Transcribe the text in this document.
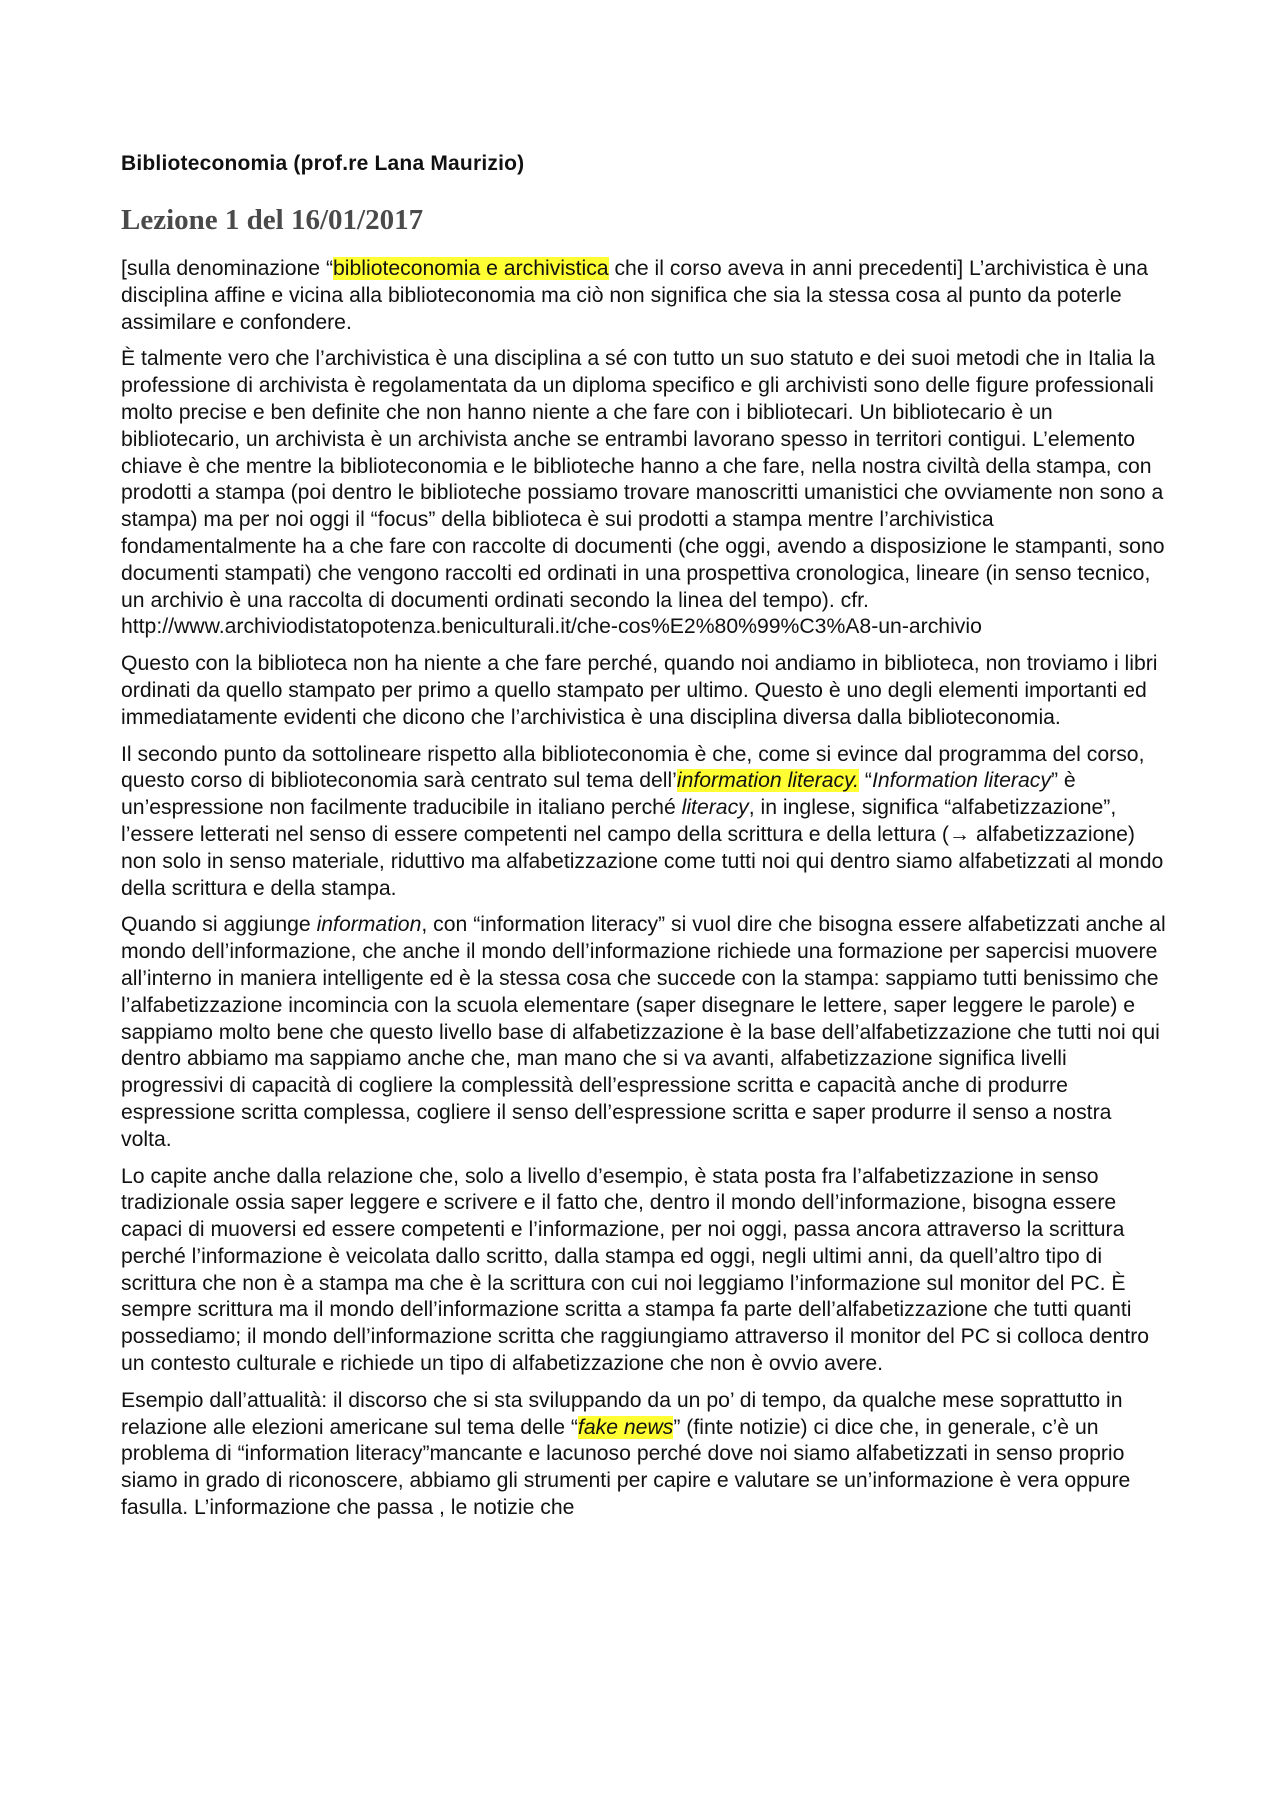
Biblioteconomia (prof.re Lana Maurizio)
Lezione 1 del 16/01/2017

[sulla denominazione “biblioteconomia e archivistica che il corso aveva in anni precedenti] L’archivistica è una disciplina affine e vicina alla biblioteconomia ma ciò non significa che sia la stessa cosa al punto da poterle assimilare e confondere.

È talmente vero che l’archivistica è una disciplina a sé con tutto un suo statuto e dei suoi metodi che in Italia la professione di archivista è regolamentata da un diploma specifico e gli archivisti sono delle figure professionali molto precise e ben definite che non hanno niente a che fare con i bibliotecari. Un bibliotecario è un bibliotecario, un archivista è un archivista anche se entrambi lavorano spesso in territori contigui. L’elemento chiave è che mentre la biblioteconomia e le biblioteche hanno a che fare, nella nostra civiltà della stampa, con prodotti a stampa (poi dentro le biblioteche possiamo trovare manoscritti umanistici che ovviamente non sono a stampa) ma per noi oggi il “focus” della biblioteca è sui prodotti a stampa mentre l’archivistica fondamentalmente ha a che fare con raccolte di documenti (che oggi, avendo a disposizione le stampanti, sono documenti stampati) che vengono raccolti ed ordinati in una prospettiva cronologica, lineare (in senso tecnico, un archivio è una raccolta di documenti ordinati secondo la linea del tempo). cfr. http://www.archiviodistatopotenza.beniculturali.it/che-cos%E2%80%99%C3%A8-un-archivio

Questo con la biblioteca non ha niente a che fare perché, quando noi andiamo in biblioteca, non troviamo i libri ordinati da quello stampato per primo a quello stampato per ultimo. Questo è uno degli elementi importanti ed immediatamente evidenti che dicono che l’archivistica è una disciplina diversa dalla biblioteconomia.

Il secondo punto da sottolineare rispetto alla biblioteconomia è che, come si evince dal programma del corso, questo corso di biblioteconomia sarà centrato sul tema dell’information literacy. “Information literacy” è un’espressione non facilmente traducibile in italiano perché literacy, in inglese, significa “alfabetizzazione”, l’essere letterati nel senso di essere competenti nel campo della scrittura e della lettura (→ alfabetizzazione) non solo in senso materiale, riduttivo ma alfabetizzazione come tutti noi qui dentro siamo alfabetizzati al mondo della scrittura e della stampa.

Quando si aggiunge information, con “information literacy” si vuol dire che bisogna essere alfabetizzati anche al mondo dell’informazione, che anche il mondo dell’informazione richiede una formazione per sapercisi muovere all’interno in maniera intelligente ed è la stessa cosa che succede con la stampa: sappiamo tutti benissimo che l’alfabetizzazione incomincia con la scuola elementare (saper disegnare le lettere, saper leggere le parole) e sappiamo molto bene che questo livello base di alfabetizzazione è la base dell’alfabetizzazione che tutti noi qui dentro abbiamo ma sappiamo anche che, man mano che si va avanti, alfabetizzazione significa livelli progressivi di capacità di cogliere la complessità dell’espressione scritta e capacità anche di produrre espressione scritta complessa, cogliere il senso dell’espressione scritta e saper produrre il senso a nostra volta.

Lo capite anche dalla relazione che, solo a livello d’esempio, è stata posta fra l’alfabetizzazione in senso tradizionale ossia saper leggere e scrivere e il fatto che, dentro il mondo dell’informazione, bisogna essere capaci di muoversi ed essere competenti e l’informazione, per noi oggi, passa ancora attraverso la scrittura perché l’informazione è veicolata dallo scritto, dalla stampa ed oggi, negli ultimi anni, da quell’altro tipo di scrittura che non è a stampa ma che è la scrittura con cui noi leggiamo l’informazione sul monitor del PC. È sempre scrittura ma il mondo dell’informazione scritta a stampa fa parte dell’alfabetizzazione che tutti quanti possediamo; il mondo dell’informazione scritta che raggiungiamo attraverso il monitor del PC si colloca dentro un contesto culturale e richiede un tipo di alfabetizzazione che non è ovvio avere.

Esempio dall’attualità: il discorso che si sta sviluppando da un po’ di tempo, da qualche mese soprattutto in relazione alle elezioni americane sul tema delle “fake news” (finte notizie) ci dice che, in generale, c’è un problema di “information literacy”mancante e lacunoso perché dove noi siamo alfabetizzati in senso proprio siamo in grado di riconoscere, abbiamo gli strumenti per capire e valutare se un’informazione è vera oppure fasulla. L’informazione che passa , le notizie che
